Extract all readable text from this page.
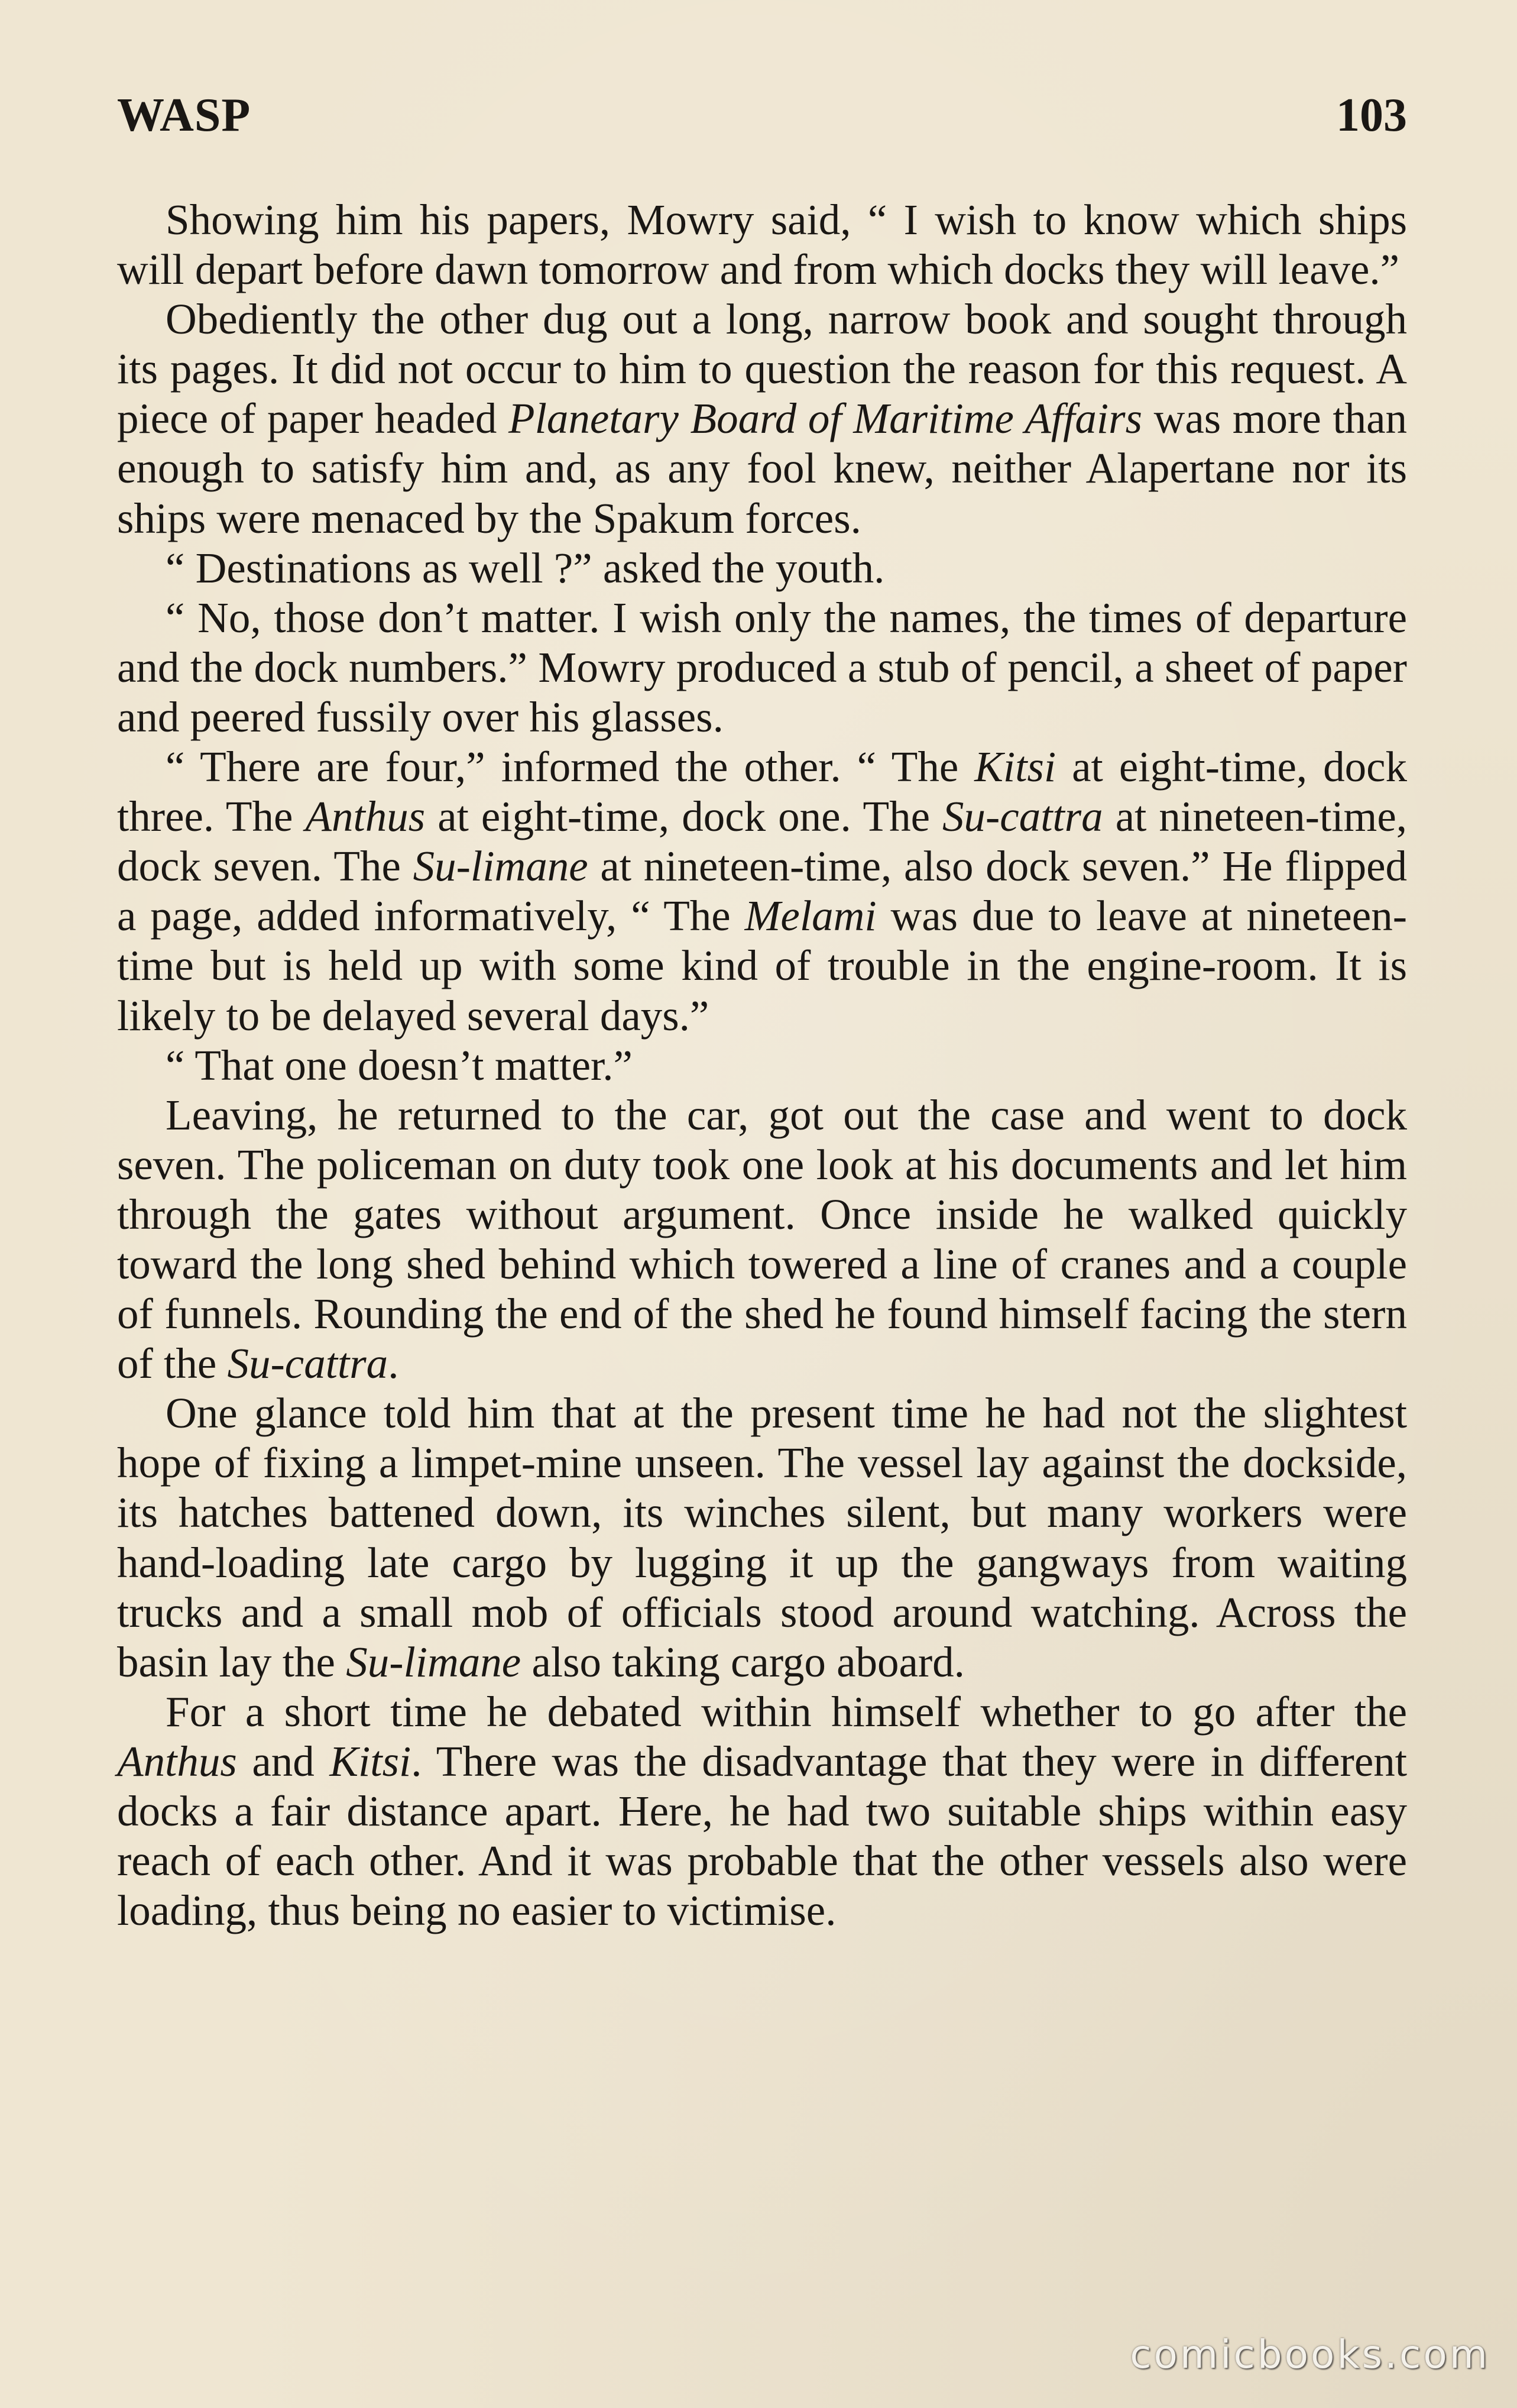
WASP	103

Showing him his papers, Mowry said, “ I wish to know which ships will depart before dawn tomorrow and from which docks they will leave.”

Obediently the other dug out a long, narrow book and sought through its pages. It did not occur to him to question the reason for this request. A piece of paper headed Planetary Board of Maritime Affairs was more than enough to satisfy him and, as any fool knew, neither Alapertane nor its ships were menaced by the Spakum forces.

“ Destinations as well ?” asked the youth.

“ No, those don’t matter. I wish only the names, the times of departure and the dock numbers.” Mowry produced a stub of pencil, a sheet of paper and peered fussily over his glasses.

“ There are four,” informed the other. “ The Kitsi at eight-time, dock three. The Anthus at eight-time, dock one. The Su-cattra at nineteen-time, dock seven. The Su-limane at nineteen-time, also dock seven.” He flipped a page, added informatively, “ The Melami was due to leave at nineteen-time but is held up with some kind of trouble in the engine-room. It is likely to be delayed several days.”

“ That one doesn’t matter.”

Leaving, he returned to the car, got out the case and went to dock seven. The policeman on duty took one look at his documents and let him through the gates without argument. Once inside he walked quickly toward the long shed behind which towered a line of cranes and a couple of funnels. Rounding the end of the shed he found himself facing the stern of the Su-cattra.

One glance told him that at the present time he had not the slightest hope of fixing a limpet-mine unseen. The vessel lay against the dockside, its hatches battened down, its winches silent, but many workers were hand-loading late cargo by lugging it up the gangways from waiting trucks and a small mob of officials stood around watching. Across the basin lay the Su-limane also taking cargo aboard.

For a short time he debated within himself whether to go after the Anthus and Kitsi. There was the disadvantage that they were in different docks a fair distance apart. Here, he had two suitable ships within easy reach of each other. And it was probable that the other vessels also were loading, thus being no easier to victimise.

comicbooks.com
